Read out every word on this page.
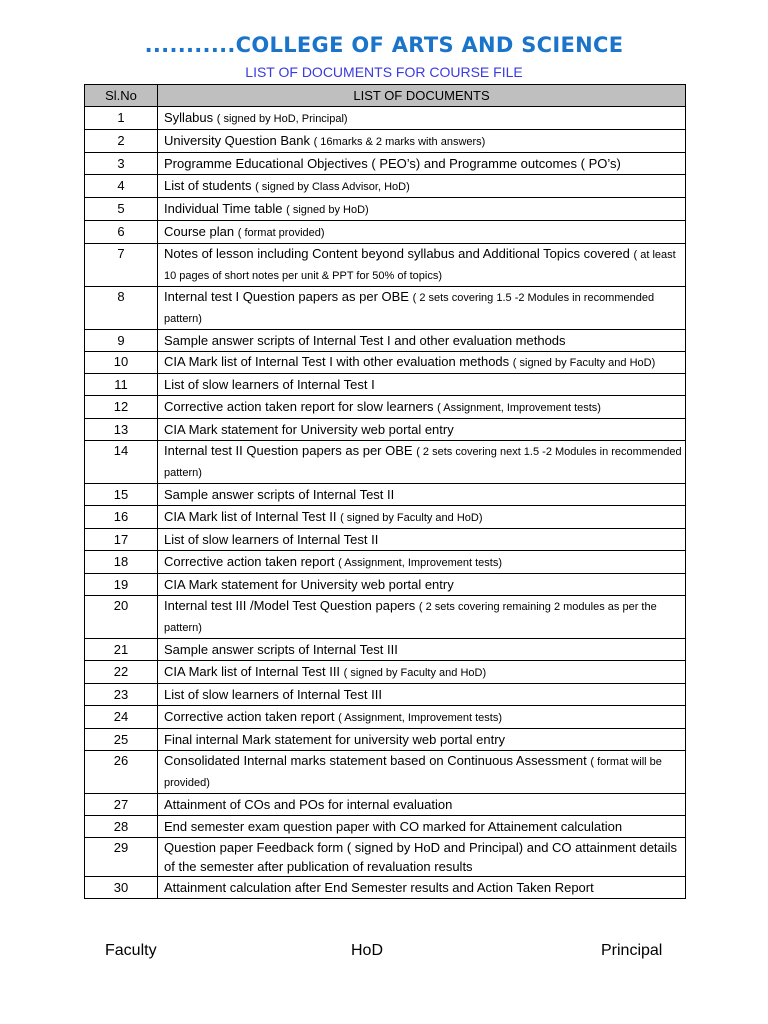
...........COLLEGE OF ARTS AND SCIENCE
LIST OF DOCUMENTS FOR COURSE FILE
Sl.No	LIST OF DOCUMENTS
1	Syllabus ( signed by HoD, Principal)
2	University Question Bank ( 16marks & 2 marks with answers)
3	Programme Educational Objectives ( PEO’s) and Programme outcomes ( PO’s)
4	List of students ( signed by Class Advisor, HoD)
5	Individual Time table ( signed by HoD)
6	Course plan ( format provided)
7	Notes of lesson including Content beyond syllabus and Additional Topics covered ( at least 10 pages of short notes per unit & PPT for 50% of topics)
8	Internal test I Question papers as per OBE ( 2 sets covering 1.5 -2 Modules in recommended pattern)
9	Sample answer scripts of Internal Test I and other evaluation methods
10	CIA Mark list of Internal Test I with other evaluation methods ( signed by Faculty and HoD)
11	List of slow learners of Internal Test I
12	Corrective action taken report for slow learners ( Assignment, Improvement tests)
13	CIA Mark statement for University web portal entry
14	Internal test II Question papers as per OBE ( 2 sets covering next 1.5 -2 Modules in recommended pattern)
15	Sample answer scripts of Internal Test II
16	CIA Mark list of Internal Test II ( signed by Faculty and HoD)
17	List of slow learners of Internal Test II
18	Corrective action taken report ( Assignment, Improvement tests)
19	CIA Mark statement for University web portal entry
20	Internal test III /Model Test Question papers ( 2 sets covering remaining 2 modules as per the pattern)
21	Sample answer scripts of Internal Test III
22	CIA Mark list of Internal Test III ( signed by Faculty and HoD)
23	List of slow learners of Internal Test III
24	Corrective action taken report ( Assignment, Improvement tests)
25	Final internal Mark statement for university web portal entry
26	Consolidated Internal marks statement based on Continuous Assessment ( format will be provided)
27	Attainment of COs and POs for internal evaluation
28	End semester exam question paper with CO marked for Attainement calculation
29	Question paper Feedback form ( signed by HoD and Principal) and CO attainment details of the semester after publication of revaluation results
30	Attainment calculation after End Semester results and Action Taken Report
Faculty	HoD	Principal
